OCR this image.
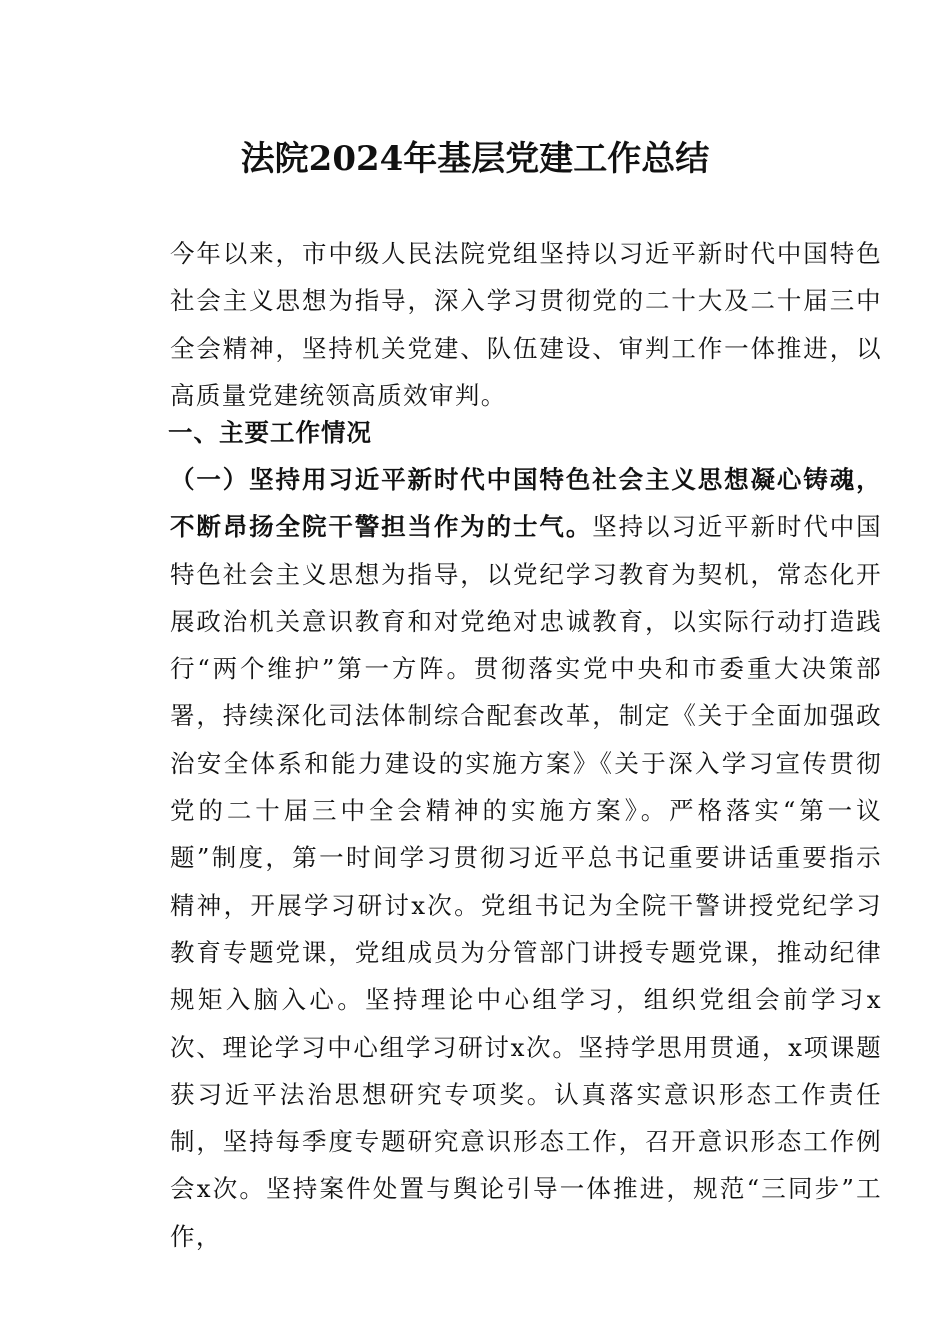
法院2024年基层党建工作总结
今年以来，市中级人民法院党组坚持以习近平新时代中国特色社会主义思想为指导，深入学习贯彻党的二十大及二十届三中全会精神，坚持机关党建、队伍建设、审判工作一体推进，以高质量党建统领高质效审判。
一、主要工作情况
（一）坚持用习近平新时代中国特色社会主义思想凝心铸魂，不断昂扬全院干警担当作为的士气。坚持以习近平新时代中国特色社会主义思想为指导，以党纪学习教育为契机，常态化开展政治机关意识教育和对党绝对忠诚教育，以实际行动打造践行“两个维护”第一方阵。贯彻落实党中央和市委重大决策部署，持续深化司法体制综合配套改革，制定《关于全面加强政治安全体系和能力建设的实施方案》《关于深入学习宣传贯彻党的二十届三中全会精神的实施方案》。严格落实“第一议题”制度，第一时间学习贯彻习近平总书记重要讲话重要指示精神，开展学习研讨x次。党组书记为全院干警讲授党纪学习教育专题党课，党组成员为分管部门讲授专题党课，推动纪律规矩入脑入心。坚持理论中心组学习，组织党组会前学习x次、理论学习中心组学习研讨x次。坚持学思用贯通，x项课题获习近平法治思想研究专项奖。认真落实意识形态工作责任制，坚持每季度专题研究意识形态工作，召开意识形态工作例会x次。坚持案件处置与舆论引导一体推进，规范“三同步”工作，
